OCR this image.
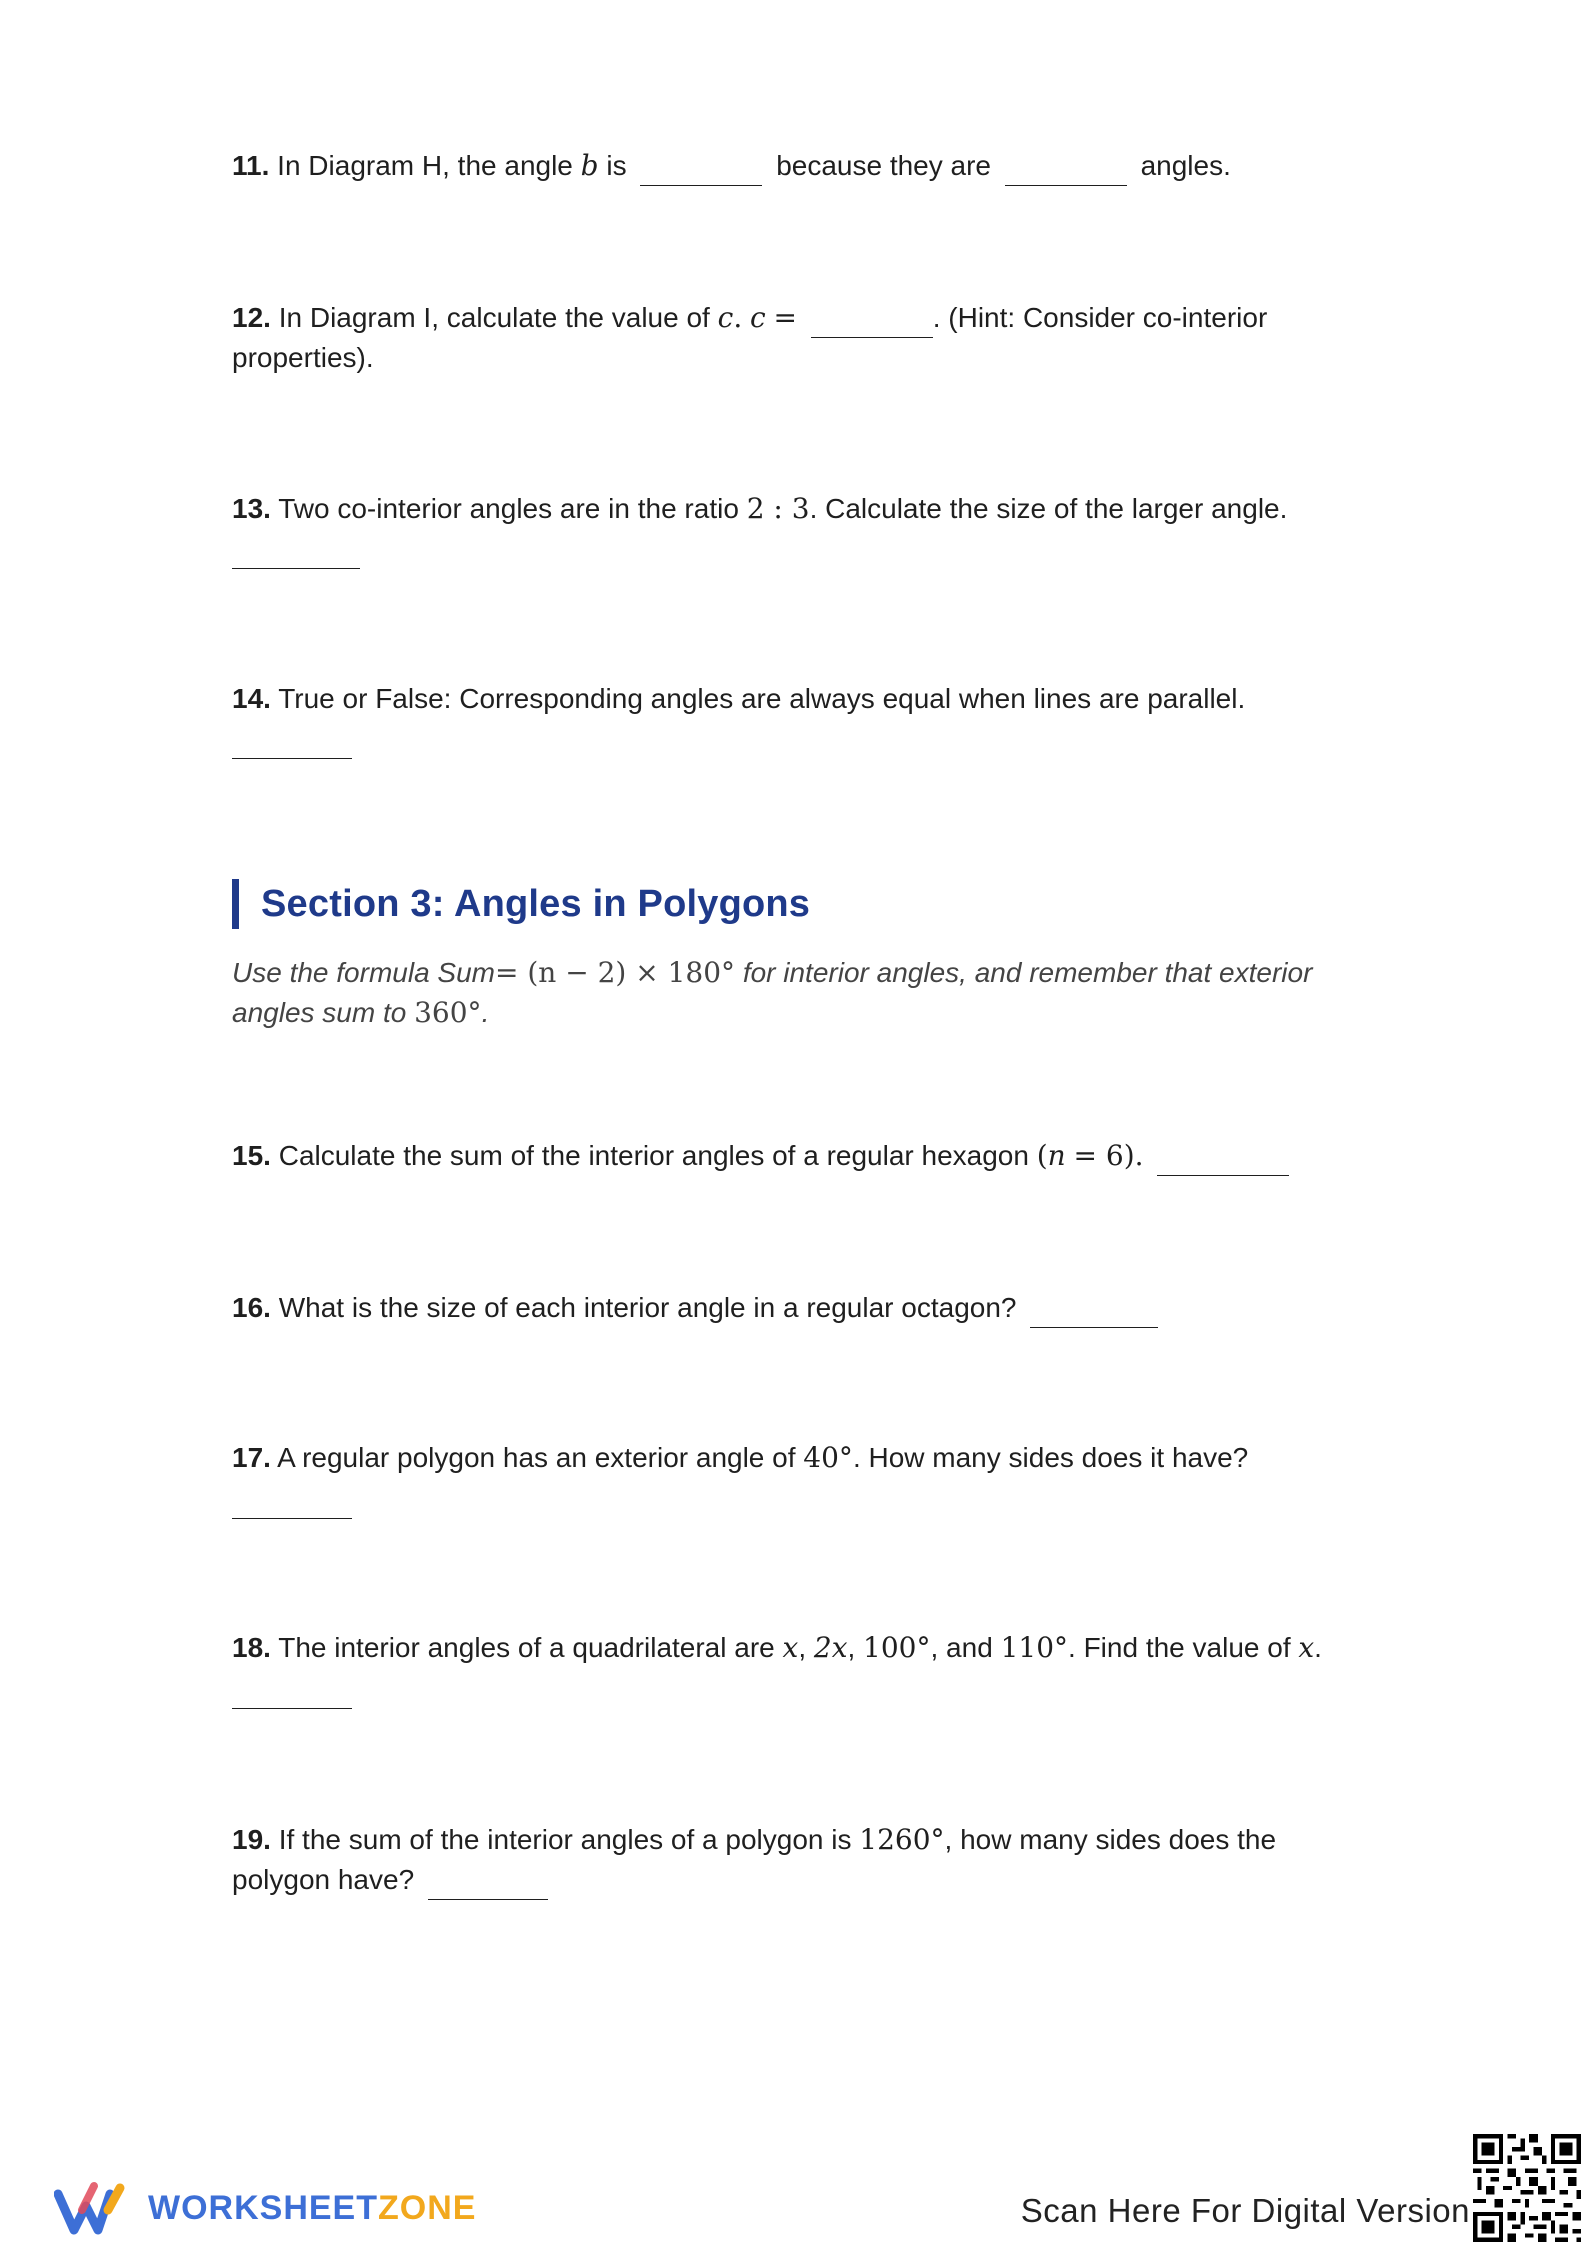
11. In Diagram H, the angle b is	because they are	angles.
12. In Diagram I, calculate the value of c. c =	. (Hint: Consider co-interior properties).
13. Two co-interior angles are in the ratio 2 : 3. Calculate the size of the larger angle.
14. True or False: Corresponding angles are always equal when lines are parallel.
Section 3: Angles in Polygons
Use the formula Sum= (n − 2) × 180° for interior angles, and remember that exterior angles sum to 360°.
15. Calculate the sum of the interior angles of a regular hexagon (n = 6).
16. What is the size of each interior angle in a regular octagon?
17. A regular polygon has an exterior angle of 40°. How many sides does it have?
18. The interior angles of a quadrilateral are x, 2x, 100°, and 110°. Find the value of x.
19. If the sum of the interior angles of a polygon is 1260°, how many sides does the polygon have?
WORKSHEETZONE	Scan Here For Digital Version
